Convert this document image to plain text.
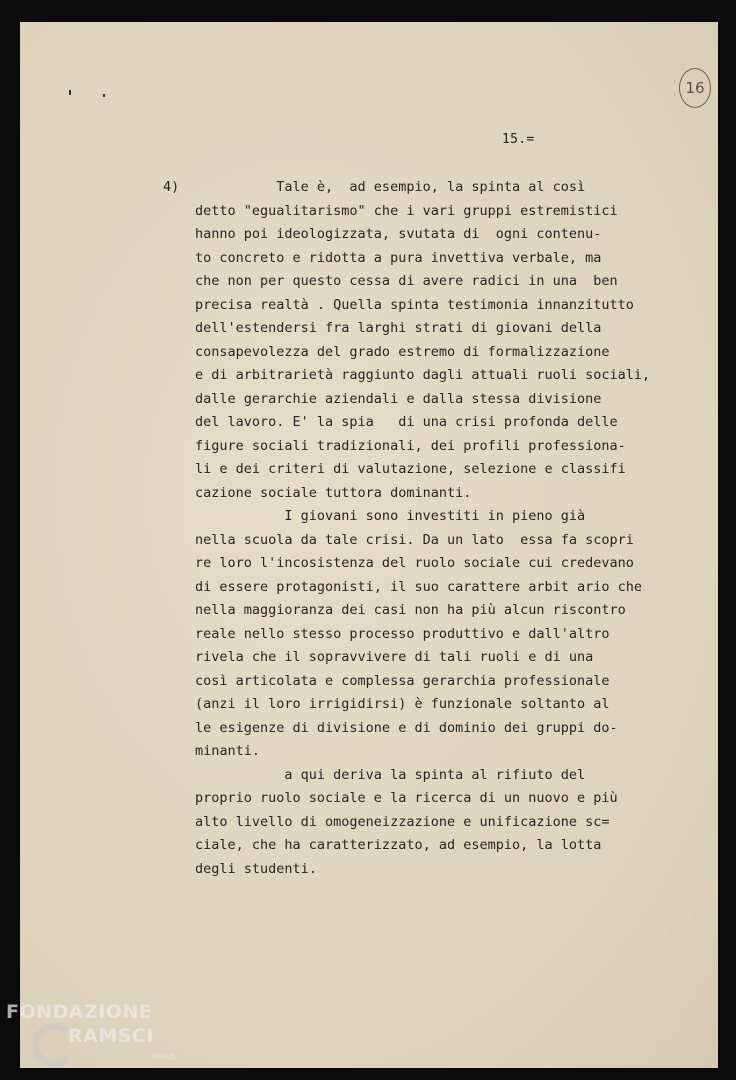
16
15.=
4) Tale è,  ad esempio, la spinta al così
detto "egualitarismo" che i vari gruppi estremistici
hanno poi ideologizzata, svutata di  ogni contenu-
to concreto e ridotta a pura invettiva verbale, ma
che non per questo cessa di avere radici in una  ben
precisa realtà . Quella spinta testimonia innanzitutto
dell'estendersi fra larghi strati di giovani della
consapevolezza del grado estremo di formalizzazione
e di arbitrarietà raggiunto dagli attuali ruoli sociali,
dalle gerarchie aziendali e dalla stessa divisione
del lavoro. E' la spia   di una crisi profonda delle
figure sociali tradizionali, dei profili professiona-
li e dei criteri di valutazione, selezione e classifi
cazione sociale tuttora dominanti.
I giovani sono investiti in pieno già
nella scuola da tale crisi. Da un lato  essa fa scopri
re loro l'incosistenza del ruolo sociale cui credevano
di essere protagonisti, il suo carattere arbit ario che
nella maggioranza dei casi non ha più alcun riscontro
reale nello stesso processo produttivo e dall'altro
rivela che il sopravvivere di tali ruoli e di una
così articolata e complessa gerarchia professionale
(anzi il loro irrigidirsi) è funzionale soltanto al
le esigenze di divisione e di dominio dei gruppi do-
minanti.
a qui deriva la spinta al rifiuto del
proprio ruolo sociale e la ricerca di un nuovo e più
alto livello di omogeneizzazione e unificazione sc=
ciale, che ha caratterizzato, ad esempio, la lotta
degli studenti.
FONDAZIONE
RAMSCI
onlus
